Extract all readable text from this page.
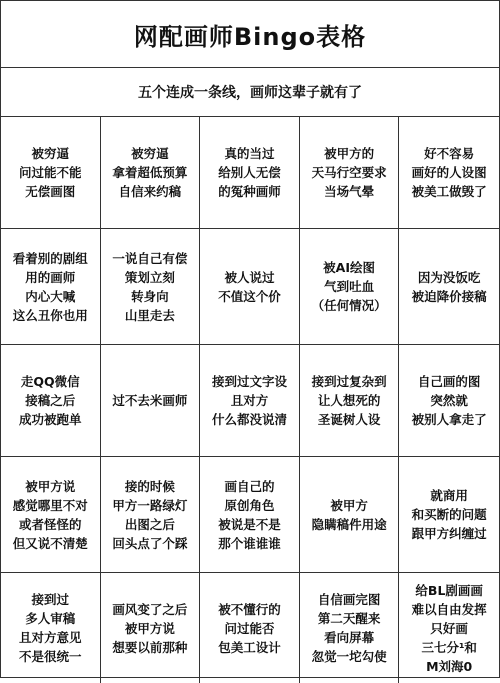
网配画师Bingo表格
五个连成一条线，画师这辈子就有了
被穷逼
问过能不能
无偿画图
被穷逼
拿着超低预算
自信来约稿
真的当过
给别人无偿
的冤种画师
被甲方的
天马行空要求
当场气晕
好不容易
画好的人设图
被美工做毁了
看着别的剧组
用的画师
内心大喊
这么丑你也用
一说自己有偿
策划立刻
转身向
山里走去
被人说过
不值这个价
被AI绘图
气到吐血
（任何情况）
因为没饭吃
被迫降价接稿
走QQ微信
接稿之后
成功被跑单
过不去米画师
接到过文字设
且对方
什么都没说清
接到过复杂到
让人想死的
圣诞树人设
自己画的图
突然就
被别人拿走了
被甲方说
感觉哪里不对
或者怪怪的
但又说不清楚
接的时候
甲方一路绿灯
出图之后
回头点了个踩
画自己的
原创角色
被说是不是
那个谁谁谁
被甲方
隐瞒稿件用途
就商用
和买断的问题
跟甲方纠缠过
接到过
多人审稿
且对方意见
不是很统一
画风变了之后
被甲方说
想要以前那种
被不懂行的
问过能否
包美工设计
自信画完图
第二天醒来
看向屏幕
忽觉一坨勾使
给BL剧画画
难以自由发挥
只好画
三七分¹和
M刘海0
